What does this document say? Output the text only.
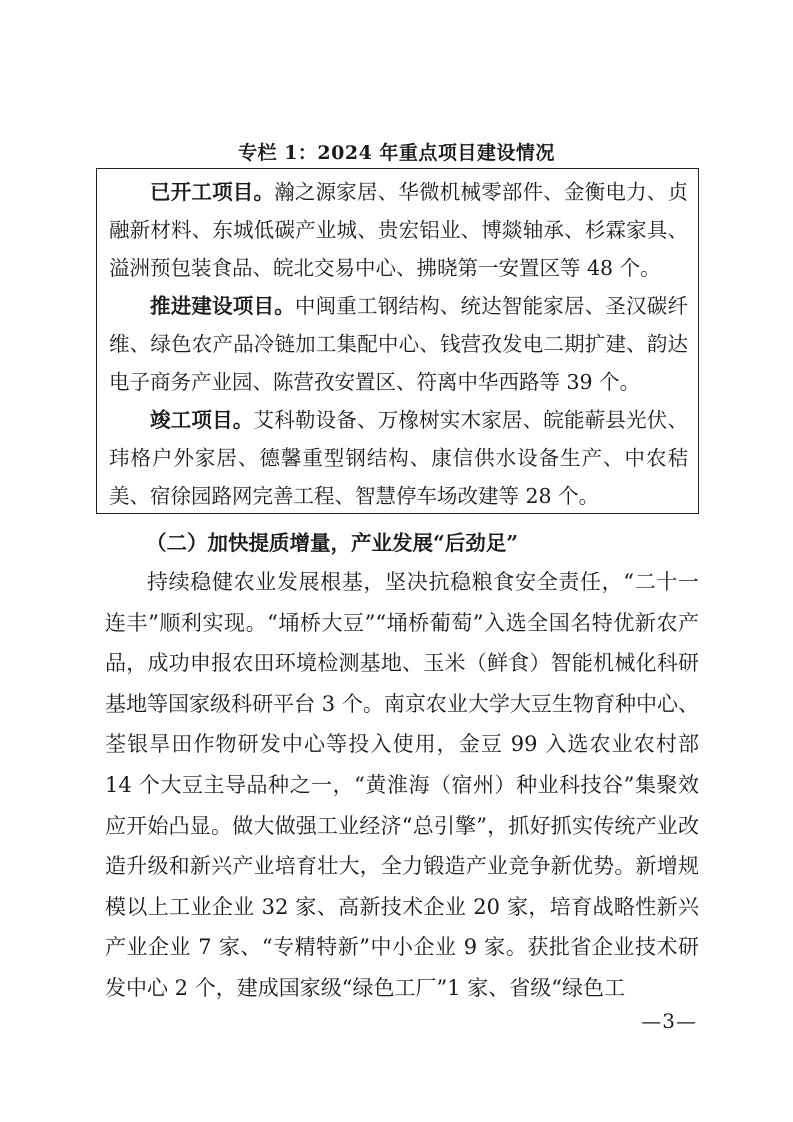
专栏 1：2024 年重点项目建设情况

已开工项目。瀚之源家居、华微机械零部件、金衡电力、贞融新材料、东城低碳产业城、贵宏铝业、博燚轴承、杉霖家具、溢洲预包装食品、皖北交易中心、拂晓第一安置区等 48 个。

推进建设项目。中闽重工钢结构、统达智能家居、圣汉碳纤维、绿色农产品冷链加工集配中心、钱营孜发电二期扩建、韵达电子商务产业园、陈营孜安置区、符离中华西路等 39 个。

竣工项目。艾科勒设备、万橡树实木家居、皖能蕲县光伏、玮格户外家居、德馨重型钢结构、康信供水设备生产、中农秸美、宿徐园路网完善工程、智慧停车场改建等 28 个。

（二）加快提质增量，产业发展“后劲足”

持续稳健农业发展根基，坚决抗稳粮食安全责任，“二十一连丰”顺利实现。“埇桥大豆”“埇桥葡萄”入选全国名特优新农产品，成功申报农田环境检测基地、玉米（鲜食）智能机械化科研基地等国家级科研平台 3 个。南京农业大学大豆生物育种中心、荃银旱田作物研发中心等投入使用，金豆 99 入选农业农村部 14 个大豆主导品种之一，“黄淮海（宿州）种业科技谷”集聚效应开始凸显。做大做强工业经济“总引擎”，抓好抓实传统产业改造升级和新兴产业培育壮大，全力锻造产业竞争新优势。新增规模以上工业企业 32 家、高新技术企业 20 家，培育战略性新兴产业企业 7 家、“专精特新”中小企业 9 家。获批省企业技术研发中心 2 个，建成国家级“绿色工厂”1 家、省级“绿色工

—3—
